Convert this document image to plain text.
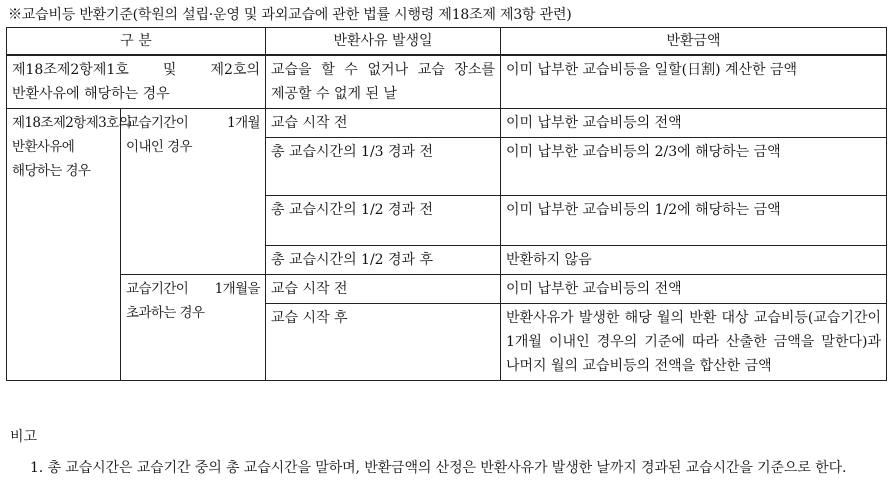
※교습비등 반환기준(학원의 설립·운영 및 과외교습에 관한 법률 시행령 제18조제 제3항 관련)
구 분		반환사유 발생일	반환금액
제18조제2항제1호 및 제2호의 반환사유에 해당하는 경우		교습을 할 수 없거나 교습 장소를 제공할 수 없게 된 날	이미 납부한 교습비등을 일할(日割) 계산한 금액
제18조제2항제3호의 반환사유에 해당하는 경우	교습기간이 1개월 이내인 경우	교습 시작 전	이미 납부한 교습비등의 전액
		총 교습시간의 1/3 경과 전	이미 납부한 교습비등의 2/3에 해당하는 금액
		총 교습시간의 1/2 경과 전	이미 납부한 교습비등의 1/2에 해당하는 금액
		총 교습시간의 1/2 경과 후	반환하지 않음
	교습기간이 1개월을 초과하는 경우	교습 시작 전	이미 납부한 교습비등의 전액
		교습 시작 후	반환사유가 발생한 해당 월의 반환 대상 교습비등(교습기간이 1개월 이내인 경우의 기준에 따라 산출한 금액을 말한다)과 나머지 월의 교습비등의 전액을 합산한 금액
비고
1. 총 교습시간은 교습기간 중의 총 교습시간을 말하며, 반환금액의 산정은 반환사유가 발생한 날까지 경과된 교습시간을 기준으로 한다.
